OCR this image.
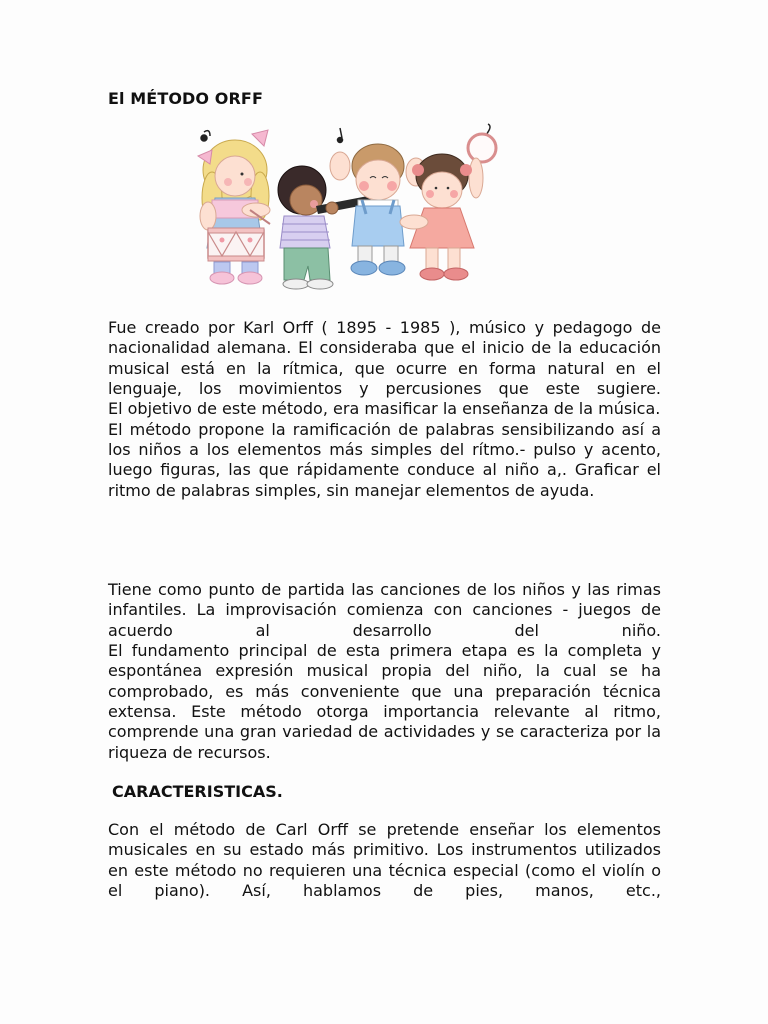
El MÉTODO ORFF

Fue creado por Karl Orff ( 1895 - 1985 ), músico y pedagogo de nacionalidad alemana. El consideraba que el inicio de la educación musical está en la rítmica, que ocurre en forma natural en el lenguaje, los movimientos y percusiones que este sugiere.

El objetivo de este método, era masificar la enseñanza de la música.

El método propone la ramificación de palabras sensibilizando así a los niños a los elementos más simples del rítmo.- pulso y acento, luego figuras, las que rápidamente conduce al niño a,. Graficar el ritmo de palabras simples, sin manejar elementos de ayuda.

Tiene como punto de partida las canciones de los niños y las rimas infantiles. La improvisación comienza con canciones - juegos de acuerdo al desarrollo del niño.

El fundamento principal de esta primera etapa es la completa y espontánea expresión musical propia del niño, la cual se ha comprobado, es más conveniente que una preparación técnica extensa. Este método otorga importancia relevante al ritmo, comprende una gran variedad de actividades y se caracteriza por la riqueza de recursos.

CARACTERISTICAS.

Con el método de Carl Orff se pretende enseñar los elementos musicales en su estado más primitivo. Los instrumentos utilizados en este método no requieren una técnica especial (como el violín o el piano). Así, hablamos de pies, manos, etc.,
